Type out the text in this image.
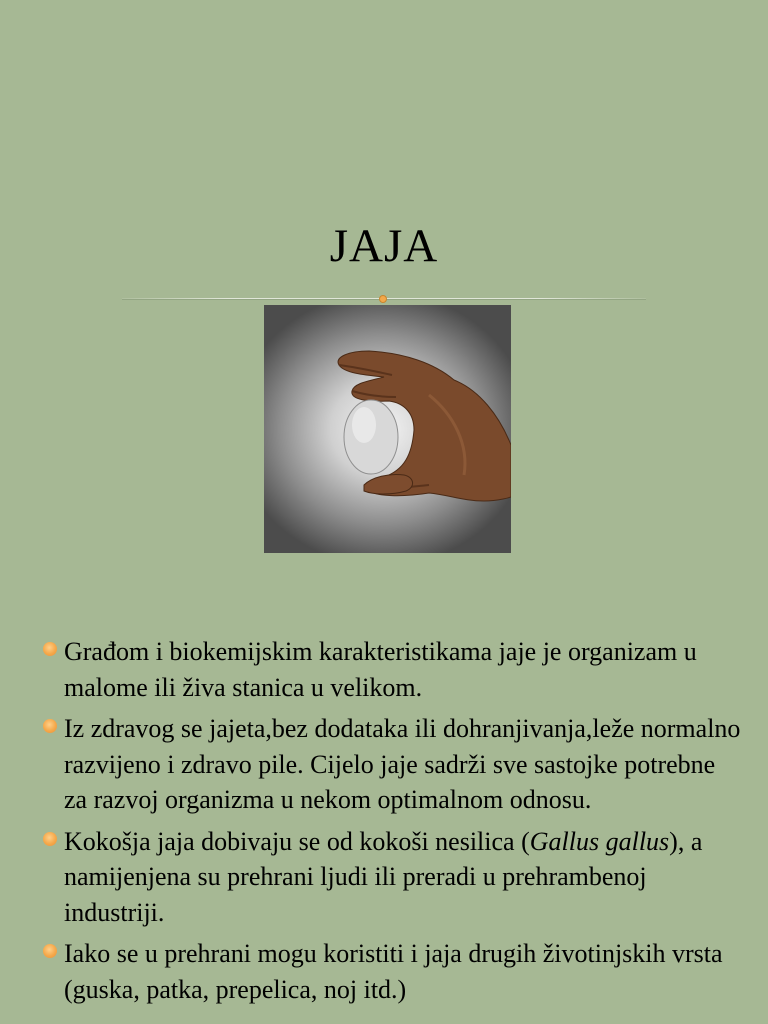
JAJA
Građom i biokemijskim karakteristikama jaje je organizam u malome ili živa stanica u velikom.
Iz zdravog se jajeta,bez dodataka ili dohranjivanja,leže normalno razvijeno i zdravo pile. Cijelo jaje sadrži sve sastojke potrebne za razvoj organizma u nekom optimalnom odnosu.
Kokošja jaja dobivaju se od kokoši nesilica (Gallus gallus), a namijenjena su prehrani ljudi ili preradi u prehrambenoj industriji.
Iako se u prehrani mogu koristiti i jaja drugih životinjskih vrsta (guska, patka, prepelica, noj itd.)
